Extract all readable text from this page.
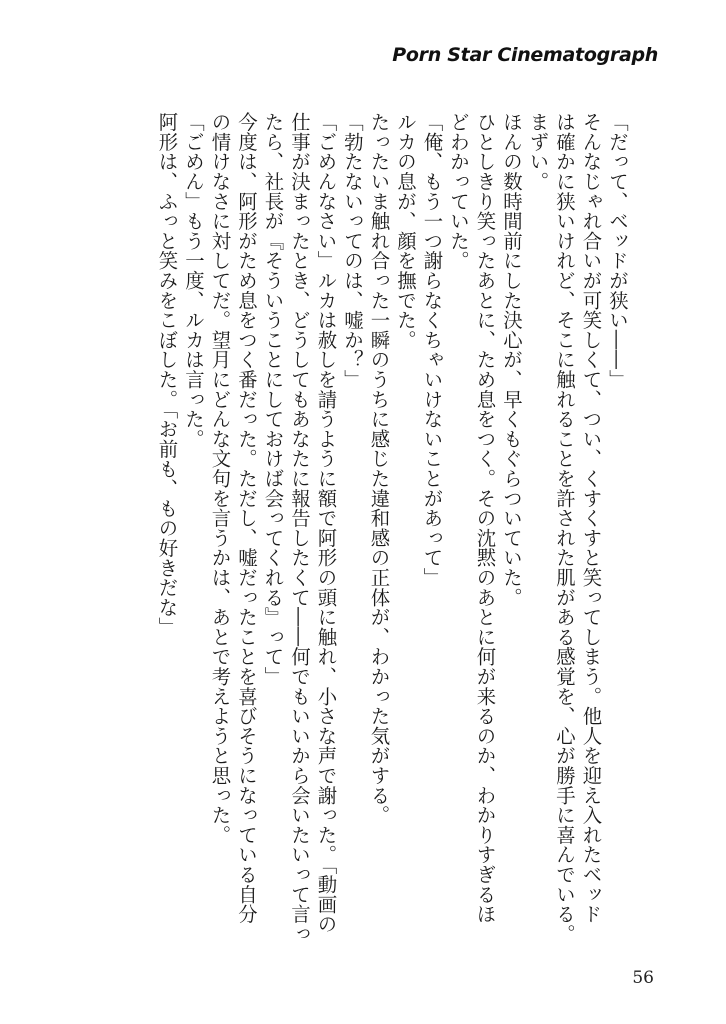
Porn Star Cinematograph
「だって、ベッドが狭い――」
そんなじゃれ合いが可笑しくて、つい、くすくすと笑ってしまう。他人を迎え入れたベッド
は確かに狭いけれど、そこに触れることを許された肌がある感覚を、心が勝手に喜んでいる。
まずい。
ほんの数時間前にした決心が、早くもぐらついていた。
ひとしきり笑ったあとに、ため息をつく。その沈黙のあとに何が来るのか、わかりすぎるほ
どわかっていた。
「俺、もう一つ謝らなくちゃいけないことがあって」
ルカの息が、顔を撫でた。
たったいま触れ合った一瞬のうちに感じた違和感の正体が、わかった気がする。
「勃たないってのは、嘘か？」
「ごめんなさい」ルカは赦しを請うように額で阿形の頭に触れ、小さな声で謝った。「動画の
仕事が決まったとき、どうしてもあなたに報告したくて――何でもいいから会いたいって言っ
たら、社長が『そういうことにしておけば会ってくれる』って」
今度は、阿形がため息をつく番だった。ただし、嘘だったことを喜びそうになっている自分
の情けなさに対してだ。望月にどんな文句を言うかは、あとで考えようと思った。
「ごめん」もう一度、ルカは言った。
阿形は、ふっと笑みをこぼした。「お前も、もの好きだな」
56
